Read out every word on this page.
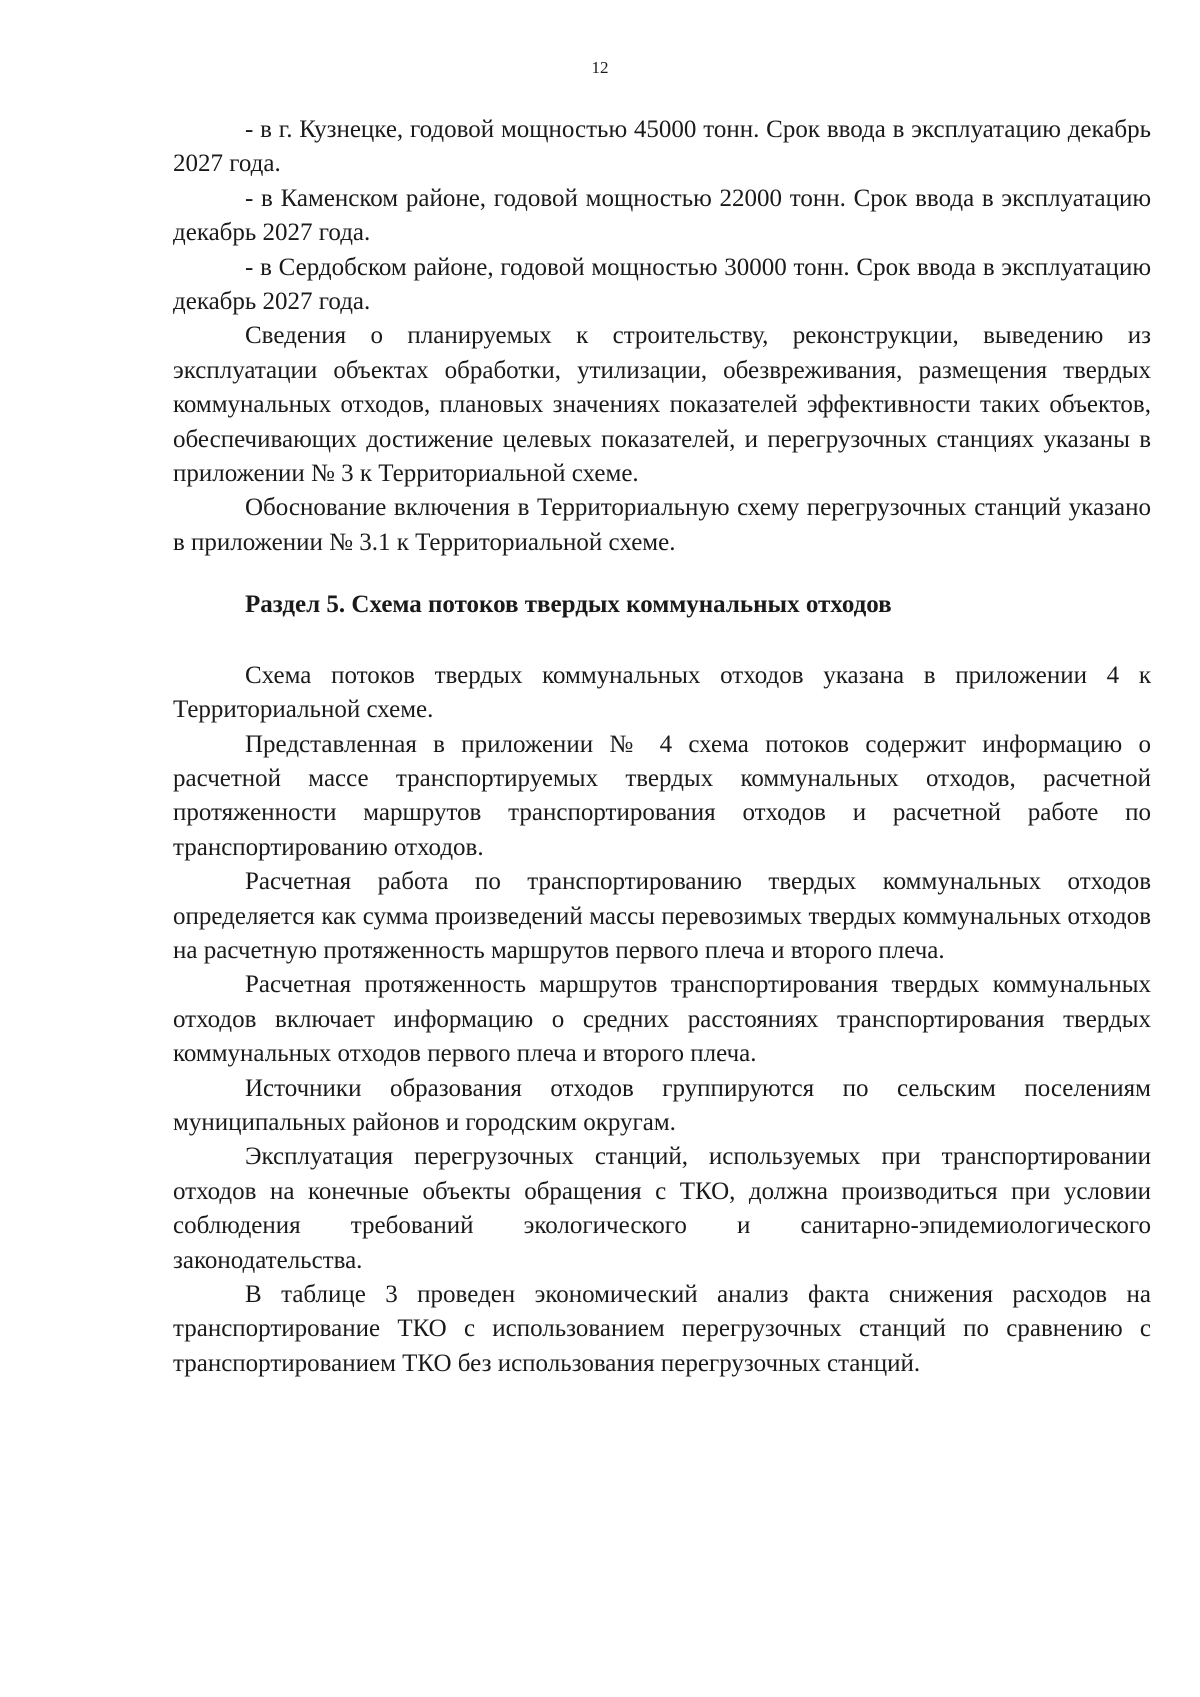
12

- в г. Кузнецке, годовой мощностью 45000 тонн. Срок ввода в эксплуатацию декабрь 2027 года.

- в Каменском районе, годовой мощностью 22000 тонн. Срок ввода в эксплуатацию декабрь 2027 года.

- в Сердобском районе, годовой мощностью 30000 тонн. Срок ввода в эксплуатацию декабрь 2027 года.

Сведения о планируемых к строительству, реконструкции, выведению из эксплуатации объектах обработки, утилизации, обезвреживания, размещения твердых коммунальных отходов, плановых значениях показателей эффективности таких объектов, обеспечивающих достижение целевых показателей, и перегрузочных станциях указаны в приложении № 3 к Территориальной схеме.

Обоснование включения в Территориальную схему перегрузочных станций указано в приложении № 3.1 к Территориальной схеме.

Раздел 5. Схема потоков твердых коммунальных отходов

Схема потоков твердых коммунальных отходов указана в приложении 4 к Территориальной схеме.

Представленная в приложении № 4 схема потоков содержит информацию о расчетной массе транспортируемых твердых коммунальных отходов, расчетной протяженности маршрутов транспортирования отходов и расчетной работе по транспортированию отходов.

Расчетная работа по транспортированию твердых коммунальных отходов определяется как сумма произведений массы перевозимых твердых коммунальных отходов на расчетную протяженность маршрутов первого плеча и второго плеча.

Расчетная протяженность маршрутов транспортирования твердых коммунальных отходов включает информацию о средних расстояниях транспортирования твердых коммунальных отходов первого плеча и второго плеча.

Источники образования отходов группируются по сельским поселениям муниципальных районов и городским округам.

Эксплуатация перегрузочных станций, используемых при транспортировании отходов на конечные объекты обращения с ТКО, должна производиться при условии соблюдения требований экологического и санитарно-эпидемиологического законодательства.

В таблице 3 проведен экономический анализ факта снижения расходов на транспортирование ТКО с использованием перегрузочных станций по сравнению с транспортированием ТКО без использования перегрузочных станций.
